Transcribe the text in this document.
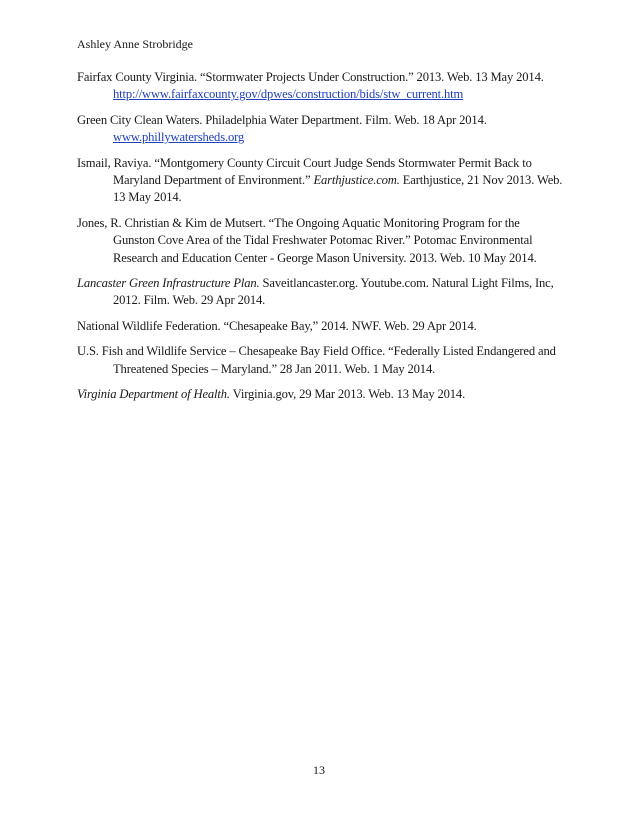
Ashley Anne Strobridge

Fairfax County Virginia. “Stormwater Projects Under Construction.” 2013. Web. 13 May 2014. http://www.fairfaxcounty.gov/dpwes/construction/bids/stw_current.htm

Green City Clean Waters. Philadelphia Water Department. Film. Web. 18 Apr 2014. www.phillywatersheds.org

Ismail, Raviya. “Montgomery County Circuit Court Judge Sends Stormwater Permit Back to Maryland Department of Environment.” Earthjustice.com. Earthjustice, 21 Nov 2013. Web. 13 May 2014.

Jones, R. Christian & Kim de Mutsert. “The Ongoing Aquatic Monitoring Program for the Gunston Cove Area of the Tidal Freshwater Potomac River.” Potomac Environmental Research and Education Center - George Mason University. 2013. Web. 10 May 2014.

Lancaster Green Infrastructure Plan. Saveitlancaster.org. Youtube.com. Natural Light Films, Inc, 2012. Film. Web. 29 Apr 2014.

National Wildlife Federation. “Chesapeake Bay,” 2014. NWF. Web. 29 Apr 2014.

U.S. Fish and Wildlife Service – Chesapeake Bay Field Office. “Federally Listed Endangered and Threatened Species – Maryland.” 28 Jan 2011. Web. 1 May 2014.

Virginia Department of Health. Virginia.gov, 29 Mar 2013. Web. 13 May 2014.

13
